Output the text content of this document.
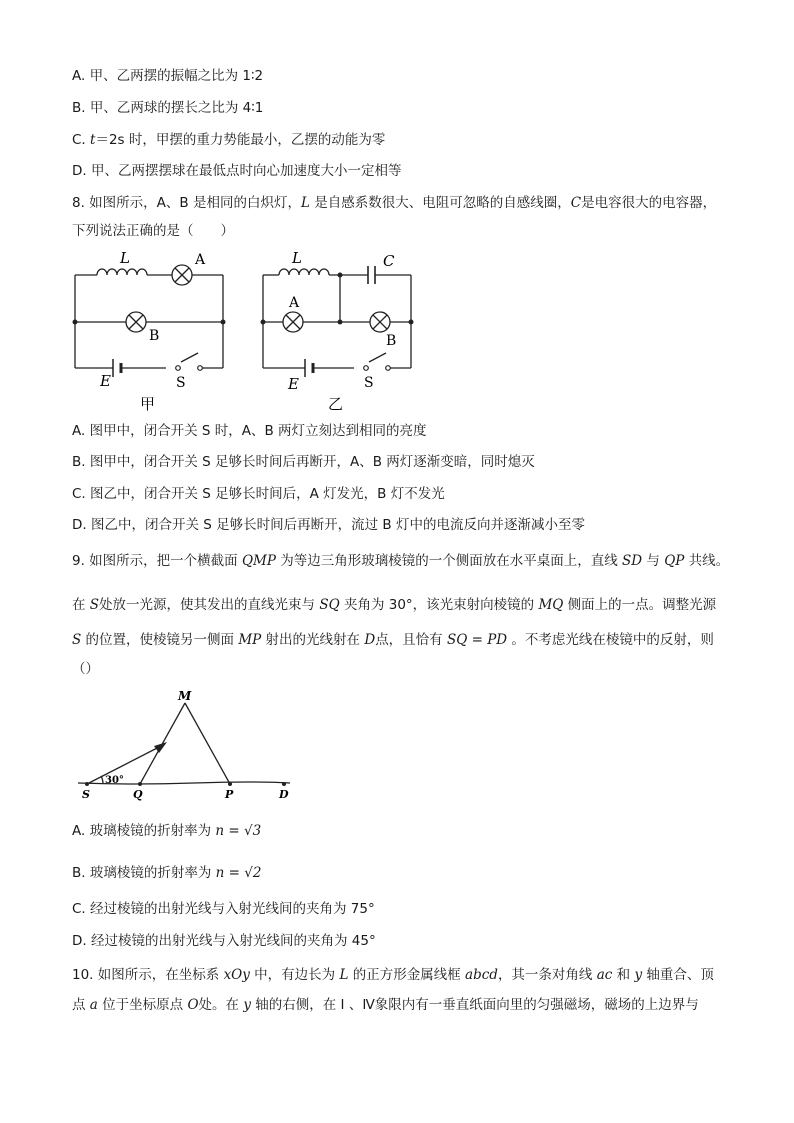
A. 甲、乙两摆的振幅之比为 1∶2
B. 甲、乙两球的摆长之比为 4∶1
C. t＝2s 时，甲摆的重力势能最小，乙摆的动能为零
D. 甲、乙两摆摆球在最低点时向心加速度大小一定相等
8. 如图所示，A、B 是相同的白炽灯，L 是自感系数很大、电阻可忽略的自感线圈，C是电容很大的电容器，
下列说法正确的是（　　）
L	A
B
E	S
甲
L	C
A
B
E	S
乙
A. 图甲中，闭合开关 S 时，A、B 两灯立刻达到相同的亮度
B. 图甲中，闭合开关 S 足够长时间后再断开，A、B 两灯逐渐变暗，同时熄灭
C. 图乙中，闭合开关 S 足够长时间后，A 灯发光，B 灯不发光
D. 图乙中，闭合开关 S 足够长时间后再断开，流过 B 灯中的电流反向并逐渐减小至零
9. 如图所示，把一个横截面 QMP 为等边三角形玻璃棱镜的一个侧面放在水平桌面上，直线 SD 与 QP 共线。
在 S处放一光源，使其发出的直线光束与 SQ 夹角为 30°，该光束射向棱镜的 MQ 侧面上的一点。调整光源
S 的位置，使棱镜另一侧面 MP 射出的光线射在 D点，且恰有 SQ = PD 。不考虑光线在棱镜中的反射，则
（）
M
30°
S	Q	P	D
A. 玻璃棱镜的折射率为 n = √3
B. 玻璃棱镜的折射率为 n = √2
C. 经过棱镜的出射光线与入射光线间的夹角为 75°
D. 经过棱镜的出射光线与入射光线间的夹角为 45°
10. 如图所示，在坐标系 xOy 中，有边长为 L 的正方形金属线框 abcd，其一条对角线 ac 和 y 轴重合、顶
点 a 位于坐标原点 O处。在 y 轴的右侧，在 Ⅰ 、Ⅳ象限内有一垂直纸面向里的匀强磁场，磁场的上边界与
